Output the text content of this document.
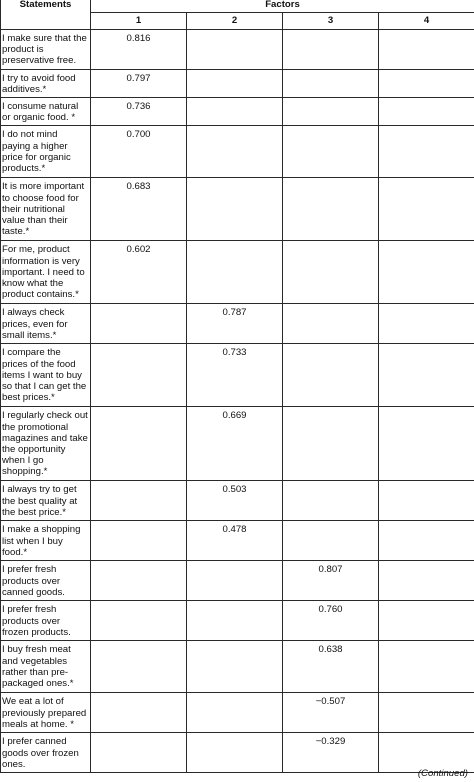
Statements	Factors			
	1	2	3	4
I make sure that the product is preservative free.	0.816			
I try to avoid food additives.*	0.797			
I consume natural or organic food. *	0.736			
I do not mind paying a higher price for organic products.*	0.700			
It is more important to choose food for their nutritional value than their taste.*	0.683			
For me, product information is very important. I need to know what the product contains.*	0.602			
I always check prices, even for small items.*		0.787		
I compare the prices of the food items I want to buy so that I can get the best prices.*		0.733		
I regularly check out the promotional magazines and take the opportunity when I go shopping.*		0.669		
I always try to get the best quality at the best price.*		0.503		
I make a shopping list when I buy food.*		0.478		
I prefer fresh products over canned goods.			0.807	
I prefer fresh products over frozen products.			0.760	
I buy fresh meat and vegetables rather than pre-packaged ones.*			0.638	
We eat a lot of previously prepared meals at home. *			−0.507	
I prefer canned goods over frozen ones.			−0.329	
(Continued)
